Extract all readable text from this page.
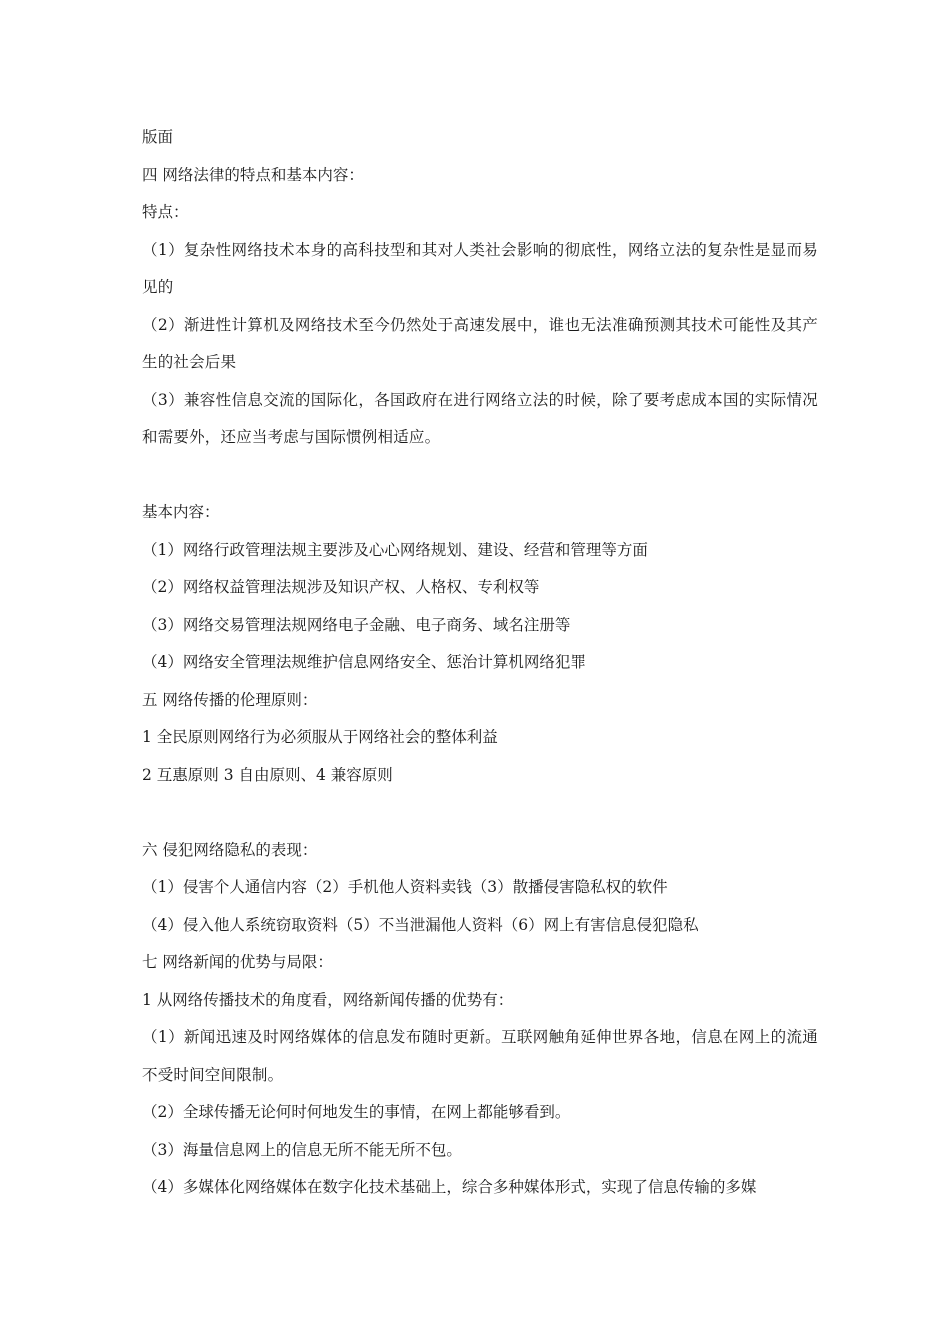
版面
四 网络法律的特点和基本内容：
特点：
（1）复杂性网络技术本身的高科技型和其对人类社会影响的彻底性，网络立法的复杂性是显而易见的
（2）渐进性计算机及网络技术至今仍然处于高速发展中，谁也无法准确预测其技术可能性及其产生的社会后果
（3）兼容性信息交流的国际化，各国政府在进行网络立法的时候，除了要考虑成本国的实际情况和需要外，还应当考虑与国际惯例相适应。
基本内容：
（1）网络行政管理法规主要涉及心心网络规划、建设、经营和管理等方面
（2）网络权益管理法规涉及知识产权、人格权、专利权等
（3）网络交易管理法规网络电子金融、电子商务、域名注册等
（4）网络安全管理法规维护信息网络安全、惩治计算机网络犯罪
五 网络传播的伦理原则：
1 全民原则网络行为必须服从于网络社会的整体利益
2 互惠原则 3 自由原则、4 兼容原则
六 侵犯网络隐私的表现：
（1）侵害个人通信内容（2）手机他人资料卖钱（3）散播侵害隐私权的软件
（4）侵入他人系统窃取资料（5）不当泄漏他人资料（6）网上有害信息侵犯隐私
七 网络新闻的优势与局限：
1 从网络传播技术的角度看，网络新闻传播的优势有：
（1）新闻迅速及时网络媒体的信息发布随时更新。互联网触角延伸世界各地，信息在网上的流通不受时间空间限制。
（2）全球传播无论何时何地发生的事情，在网上都能够看到。
（3）海量信息网上的信息无所不能无所不包。
（4）多媒体化网络媒体在数字化技术基础上，综合多种媒体形式，实现了信息传输的多媒
